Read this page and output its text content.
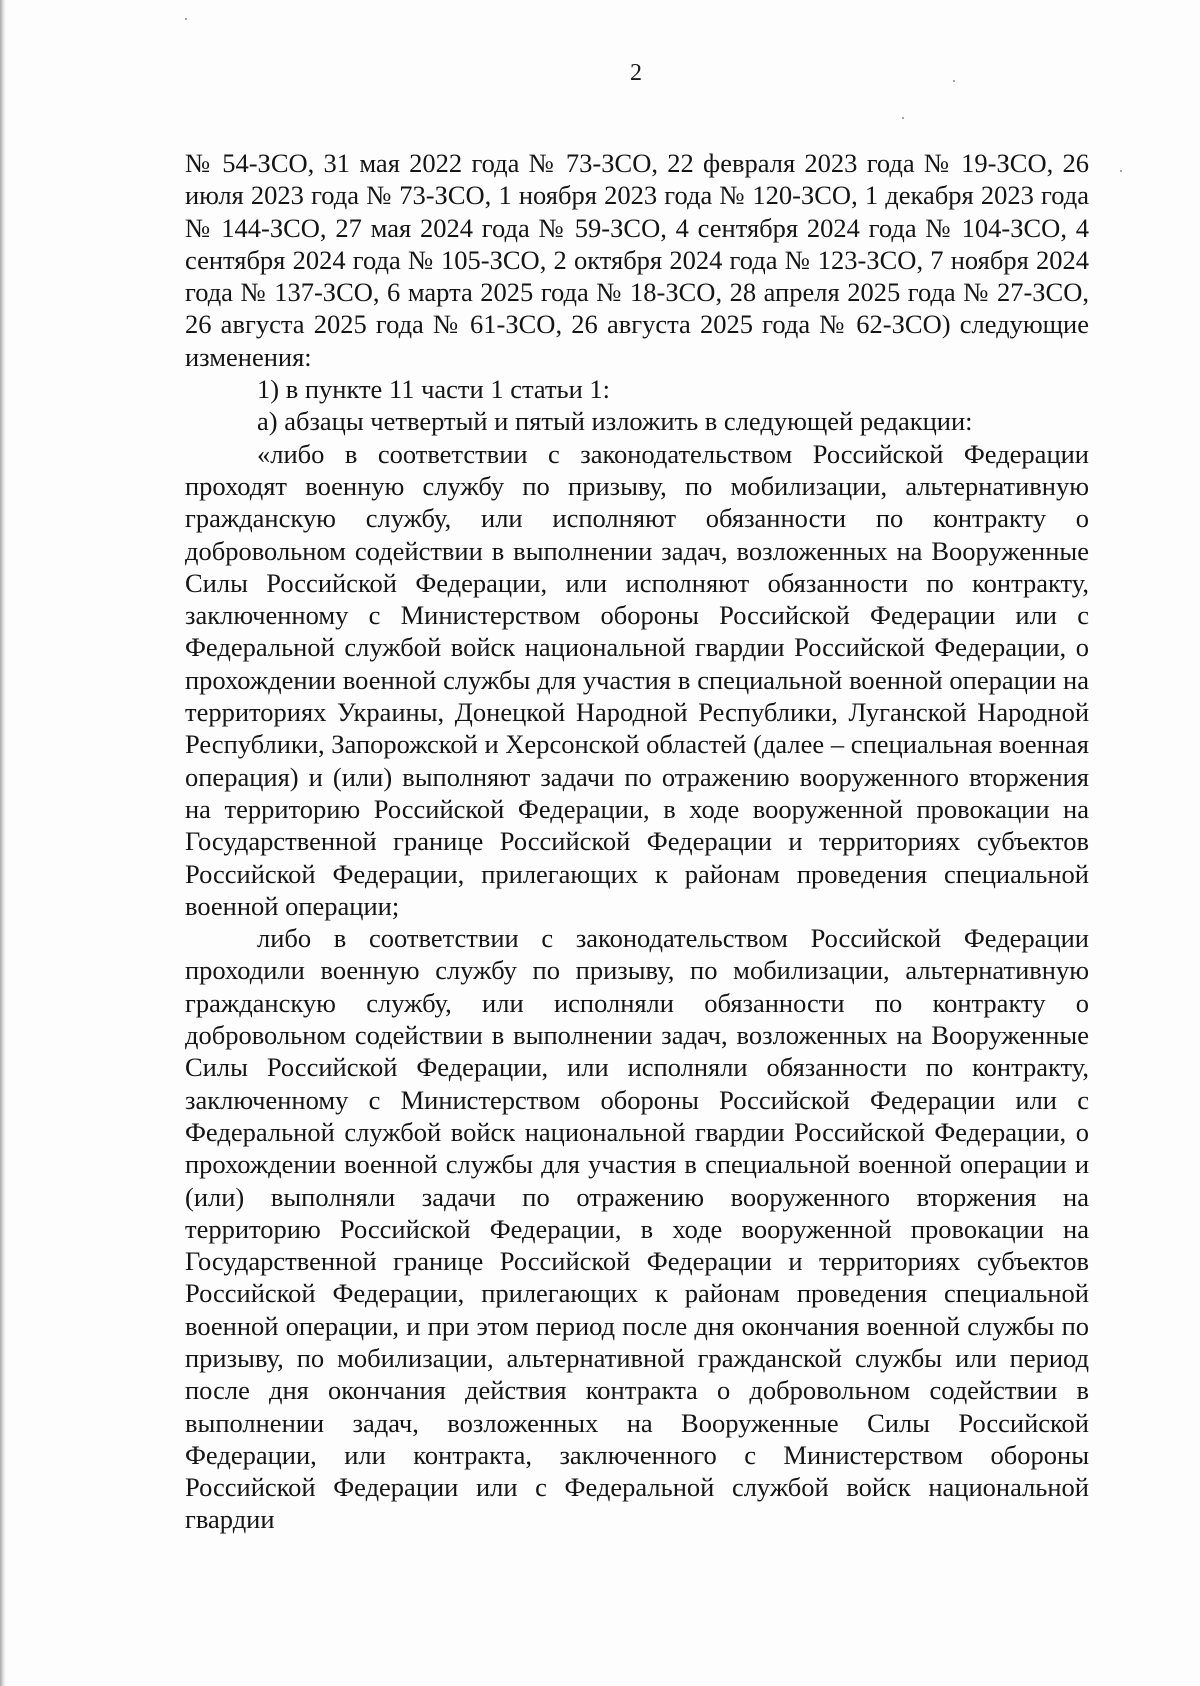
2

№ 54-ЗСО, 31 мая 2022 года № 73-ЗСО, 22 февраля 2023 года № 19-ЗСО, 26 июля 2023 года № 73-ЗСО, 1 ноября 2023 года № 120-ЗСО, 1 декабря 2023 года № 144-ЗСО, 27 мая 2024 года № 59-ЗСО, 4 сентября 2024 года № 104-ЗСО, 4 сентября 2024 года № 105-ЗСО, 2 октября 2024 года № 123-ЗСО, 7 ноября 2024 года № 137-ЗСО, 6 марта 2025 года № 18-ЗСО, 28 апреля 2025 года № 27-ЗСО, 26 августа 2025 года № 61-ЗСО, 26 августа 2025 года № 62-ЗСО) следующие изменения:

1) в пункте 11 части 1 статьи 1:

а) абзацы четвертый и пятый изложить в следующей редакции:

«либо в соответствии с законодательством Российской Федерации проходят военную службу по призыву, по мобилизации, альтернативную гражданскую службу, или исполняют обязанности по контракту о добровольном содействии в выполнении задач, возложенных на Вооруженные Силы Российской Федерации, или исполняют обязанности по контракту, заключенному с Министерством обороны Российской Федерации или с Федеральной службой войск национальной гвардии Российской Федерации, о прохождении военной службы для участия в специальной военной операции на территориях Украины, Донецкой Народной Республики, Луганской Народной Республики, Запорожской и Херсонской областей (далее – специальная военная операция) и (или) выполняют задачи по отражению вооруженного вторжения на территорию Российской Федерации, в ходе вооруженной провокации на Государственной границе Российской Федерации и территориях субъектов Российской Федерации, прилегающих к районам проведения специальной военной операции;

либо в соответствии с законодательством Российской Федерации проходили военную службу по призыву, по мобилизации, альтернативную гражданскую службу, или исполняли обязанности по контракту о добровольном содействии в выполнении задач, возложенных на Вооруженные Силы Российской Федерации, или исполняли обязанности по контракту, заключенному с Министерством обороны Российской Федерации или с Федеральной службой войск национальной гвардии Российской Федерации, о прохождении военной службы для участия в специальной военной операции и (или) выполняли задачи по отражению вооруженного вторжения на территорию Российской Федерации, в ходе вооруженной провокации на Государственной границе Российской Федерации и территориях субъектов Российской Федерации, прилегающих к районам проведения специальной военной операции, и при этом период после дня окончания военной службы по призыву, по мобилизации, альтернативной гражданской службы или период после дня окончания действия контракта о добровольном содействии в выполнении задач, возложенных на Вооруженные Силы Российской Федерации, или контракта, заключенного с Министерством обороны Российской Федерации или с Федеральной службой войск национальной гвардии
